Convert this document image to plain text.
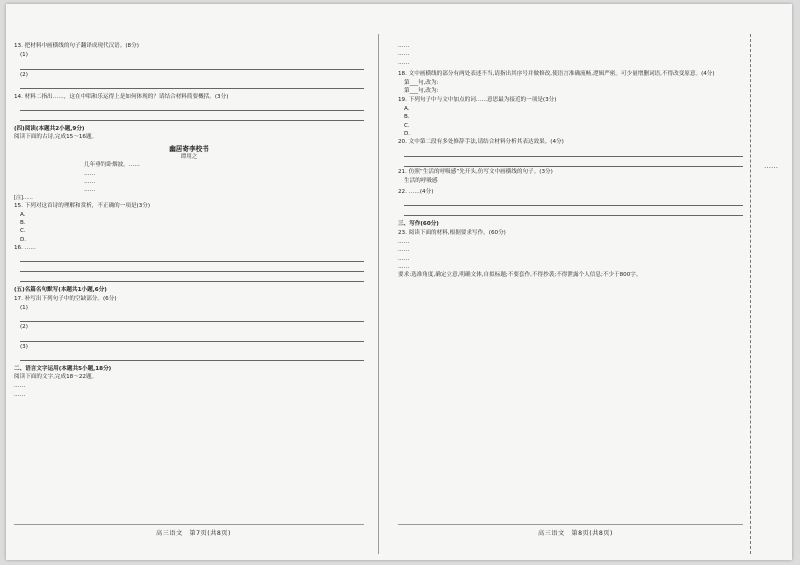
13. 把材料中画横线的句子翻译成现代汉语。(8分)
(1)
(2)
14. 材料二指出……，这在中唱和乐运得上是如何体现的？请结合材料简要概括。(3分)
(四)阅读(本题共2小题,9分)
阅读下面的古诗,完成15～16题。
幽居寄李校书
谭用之
几年垂钓卧烟波，……
……
……
……
[注]……
15. 下列对这首诗的理解和赏析，不正确的一项是(3分)
A.
B.
C.
D.
16. ……
(五)名篇名句默写(本题共1小题,6分)
17. 补写出下列句子中的空缺部分。(6分)
(1)
(2)
(3)
二、语言文字运用(本题共5小题,18分)
阅读下面的文字,完成18～22题。
……
……
……
……
……
18. 文中画横线的部分有两处表述不当,请指出其序号并做修改,使语言准确流畅,逻辑严密。可少量增删词语,不得改变原意。(4分)
第___句,改为:
第___句,改为:
19. 下列句子中与文中加点的词……意思最为接近的一项是(3分)
A.
B.
C.
D.
20. 文中第二段有多处修辞手法,请结合材料分析其表达效果。(4分)
21. 仿照“生活的呼吸感”先开头,仿写文中画横线的句子。(3分)
生活的呼吸感
22. ……(4分)
三、写作(60分)
23. 阅读下面的材料,根据要求写作。(60分)
……
……
……
……
要求:选准角度,确定立意,明确文体,自拟标题;不要套作,不得抄袭;不得泄露个人信息;不少于800字。
高三语文　第7页(共8页)	高三语文　第8页(共8页)
……
